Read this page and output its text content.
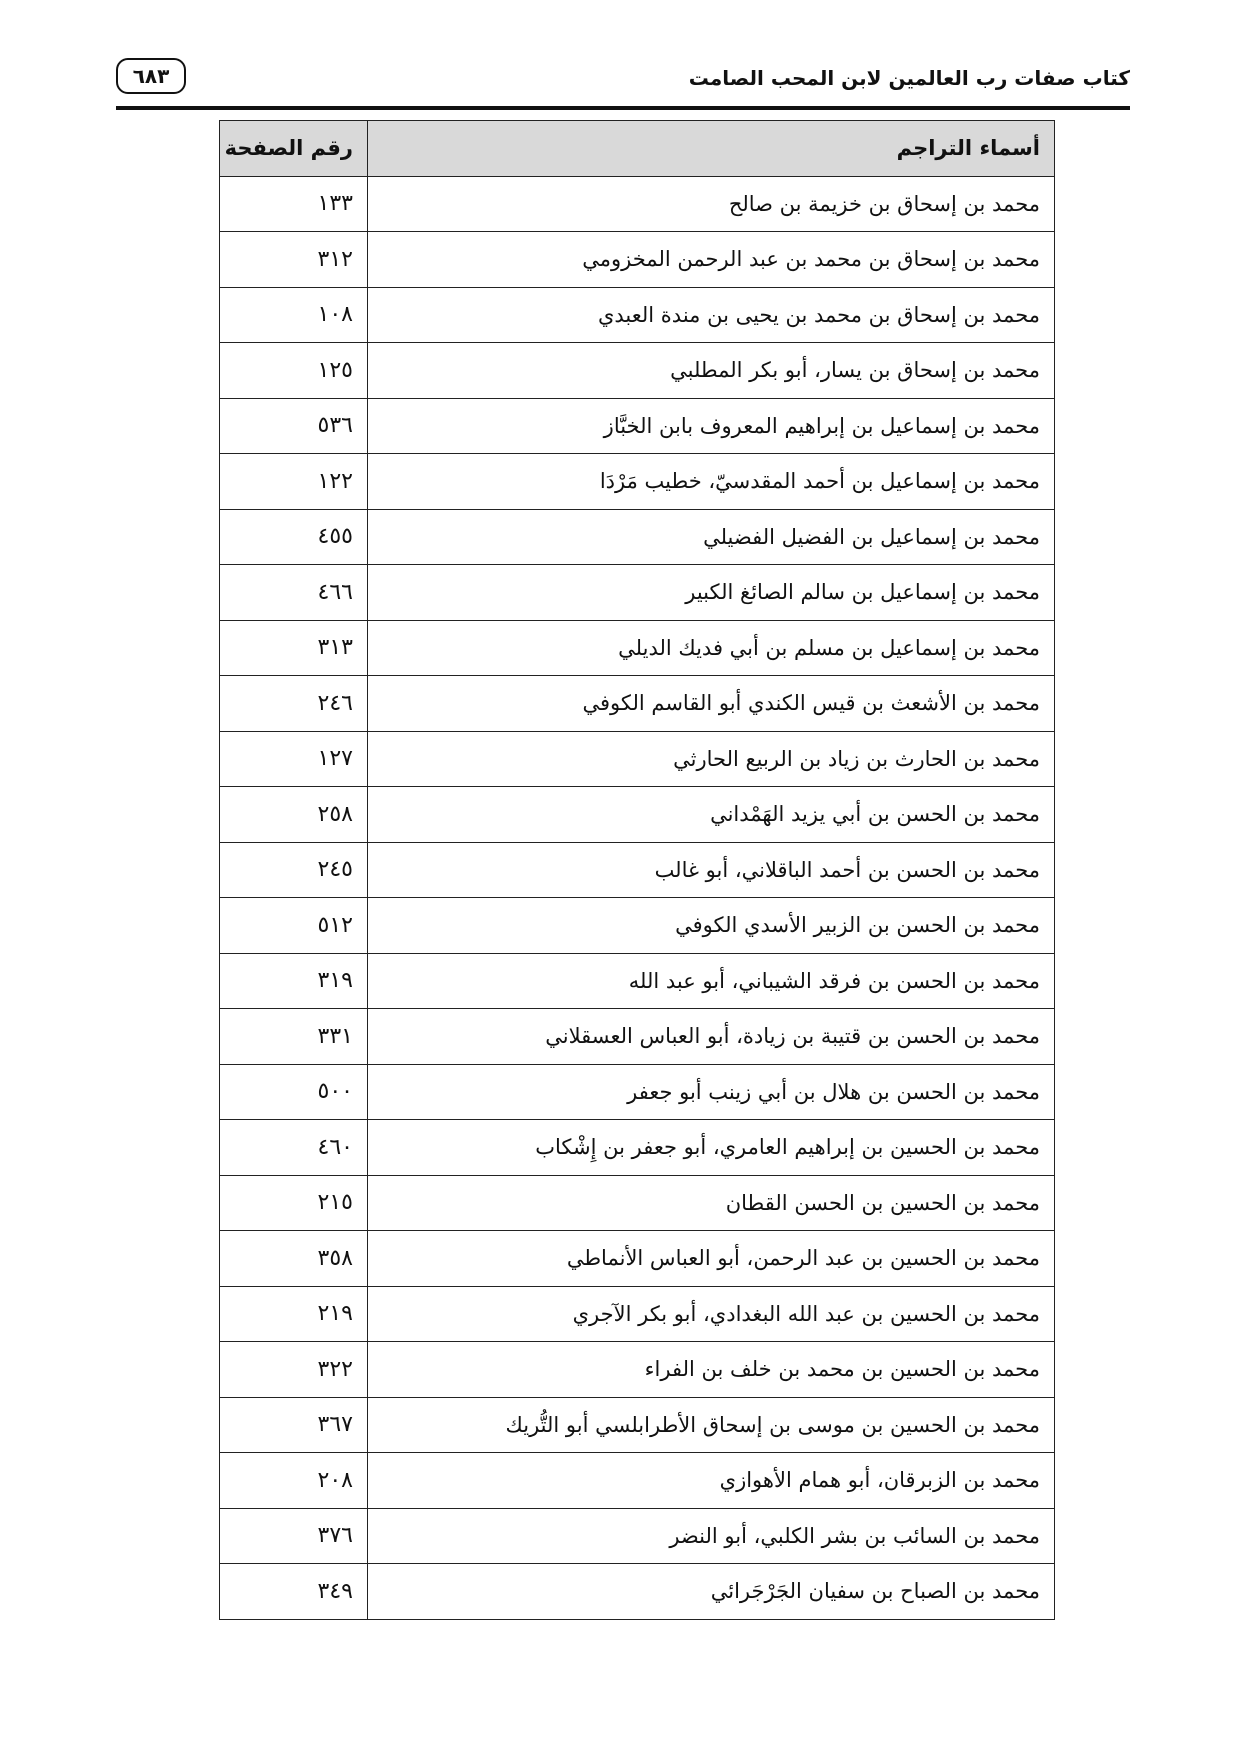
٦٨٣	كتاب صفات رب العالمين لابن المحب الصامت
أسماء التراجم	رقم الصفحة
محمد بن إسحاق بن خزيمة بن صالح	١٣٣
محمد بن إسحاق بن محمد بن عبد الرحمن المخزومي	٣١٢
محمد بن إسحاق بن محمد بن يحيى بن مندة العبدي	١٠٨
محمد بن إسحاق بن يسار، أبو بكر المطلبي	١٢٥
محمد بن إسماعيل بن إبراهيم المعروف بابن الخبَّاز	٥٣٦
محمد بن إسماعيل بن أحمد المقدسيّ، خطيب مَرْدَا	١٢٢
محمد بن إسماعيل بن الفضيل الفضيلي	٤٥٥
محمد بن إسماعيل بن سالم الصائغ الكبير	٤٦٦
محمد بن إسماعيل بن مسلم بن أبي فديك الديلي	٣١٣
محمد بن الأشعث بن قيس الكندي أبو القاسم الكوفي	٢٤٦
محمد بن الحارث بن زياد بن الربيع الحارثي	١٢٧
محمد بن الحسن بن أبي يزيد الهَمْداني	٢٥٨
محمد بن الحسن بن أحمد الباقلاني، أبو غالب	٢٤٥
محمد بن الحسن بن الزبير الأسدي الكوفي	٥١٢
محمد بن الحسن بن فرقد الشيباني، أبو عبد الله	٣١٩
محمد بن الحسن بن قتيبة بن زيادة، أبو العباس العسقلاني	٣٣١
محمد بن الحسن بن هلال بن أبي زينب أبو جعفر	٥٠٠
محمد بن الحسين بن إبراهيم العامري، أبو جعفر بن إِشْكاب	٤٦٠
محمد بن الحسين بن الحسن القطان	٢١٥
محمد بن الحسين بن عبد الرحمن، أبو العباس الأنماطي	٣٥٨
محمد بن الحسين بن عبد الله البغدادي، أبو بكر الآجري	٢١٩
محمد بن الحسين بن محمد بن خلف بن الفراء	٣٢٢
محمد بن الحسين بن موسى بن إسحاق الأطرابلسي أبو التُّريك	٣٦٧
محمد بن الزبرقان، أبو همام الأهوازي	٢٠٨
محمد بن السائب بن بشر الكلبي، أبو النضر	٣٧٦
محمد بن الصباح بن سفيان الجَرْجَرائي	٣٤٩
